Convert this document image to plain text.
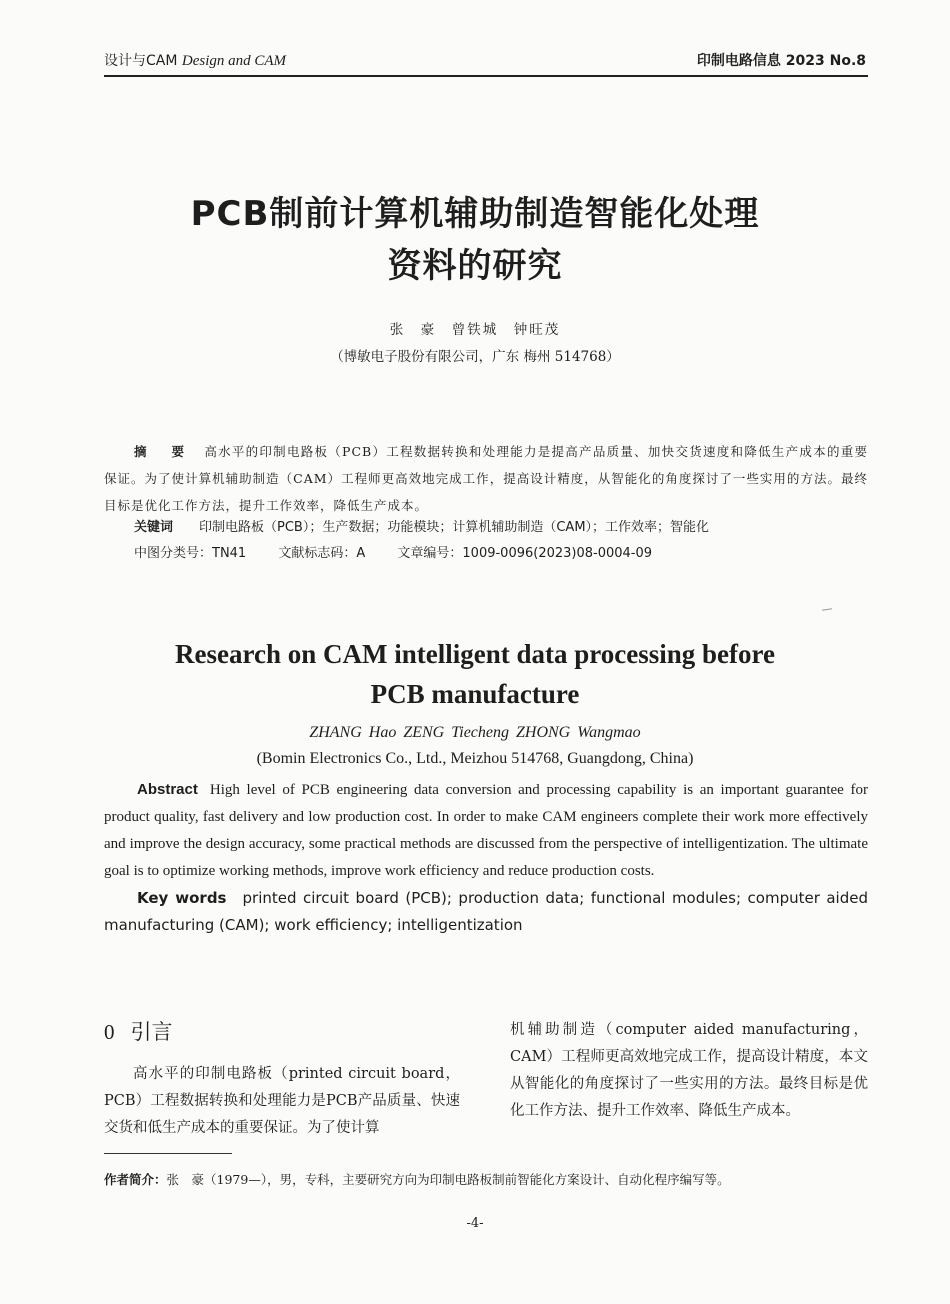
设计与CAM Design and CAM	印制电路信息 2023 No.8
PCB制前计算机辅助制造智能化处理
资料的研究
张　豪　曾铁城　钟旺茂
（博敏电子股份有限公司，广东 梅州 514768）
摘　要 高水平的印制电路板（PCB）工程数据转换和处理能力是提高产品质量、加快交货速度和降低生产成本的重要保证。为了使计算机辅助制造（CAM）工程师更高效地完成工作，提高设计精度，从智能化的角度探讨了一些实用的方法。最终目标是优化工作方法，提升工作效率，降低生产成本。
关键词 印制电路板（PCB）；生产数据；功能模块；计算机辅助制造（CAM）；工作效率；智能化
中图分类号：TN41 文献标志码：A 文章编号：1009-0096(2023)08-0004-09
Research on CAM intelligent data processing before
PCB manufacture
ZHANG Hao ZENG Tiecheng ZHONG Wangmao
(Bomin Electronics Co., Ltd., Meizhou 514768, Guangdong, China)
Abstract High level of PCB engineering data conversion and processing capability is an important guarantee for product quality, fast delivery and low production cost. In order to make CAM engineers complete their work more effectively and improve the design accuracy, some practical methods are discussed from the perspective of intelligentization. The ultimate goal is to optimize working methods, improve work efficiency and reduce production costs.
Key words printed circuit board (PCB); production data; functional modules; computer aided manufacturing (CAM); work efficiency; intelligentization
0 引言

高水平的印制电路板（printed circuit board，PCB）工程数据转换和处理能力是PCB产品质量、快速交货和低生产成本的重要保证。为了使计算

机辅助制造（computer aided manufacturing，CAM）工程师更高效地完成工作，提高设计精度，本文从智能化的角度探讨了一些实用的方法。最终目标是优化工作方法、提升工作效率、降低生产成本。

作者简介：张　豪（1979—），男，专科，主要研究方向为印制电路板制前智能化方案设计、自动化程序编写等。
-4-
